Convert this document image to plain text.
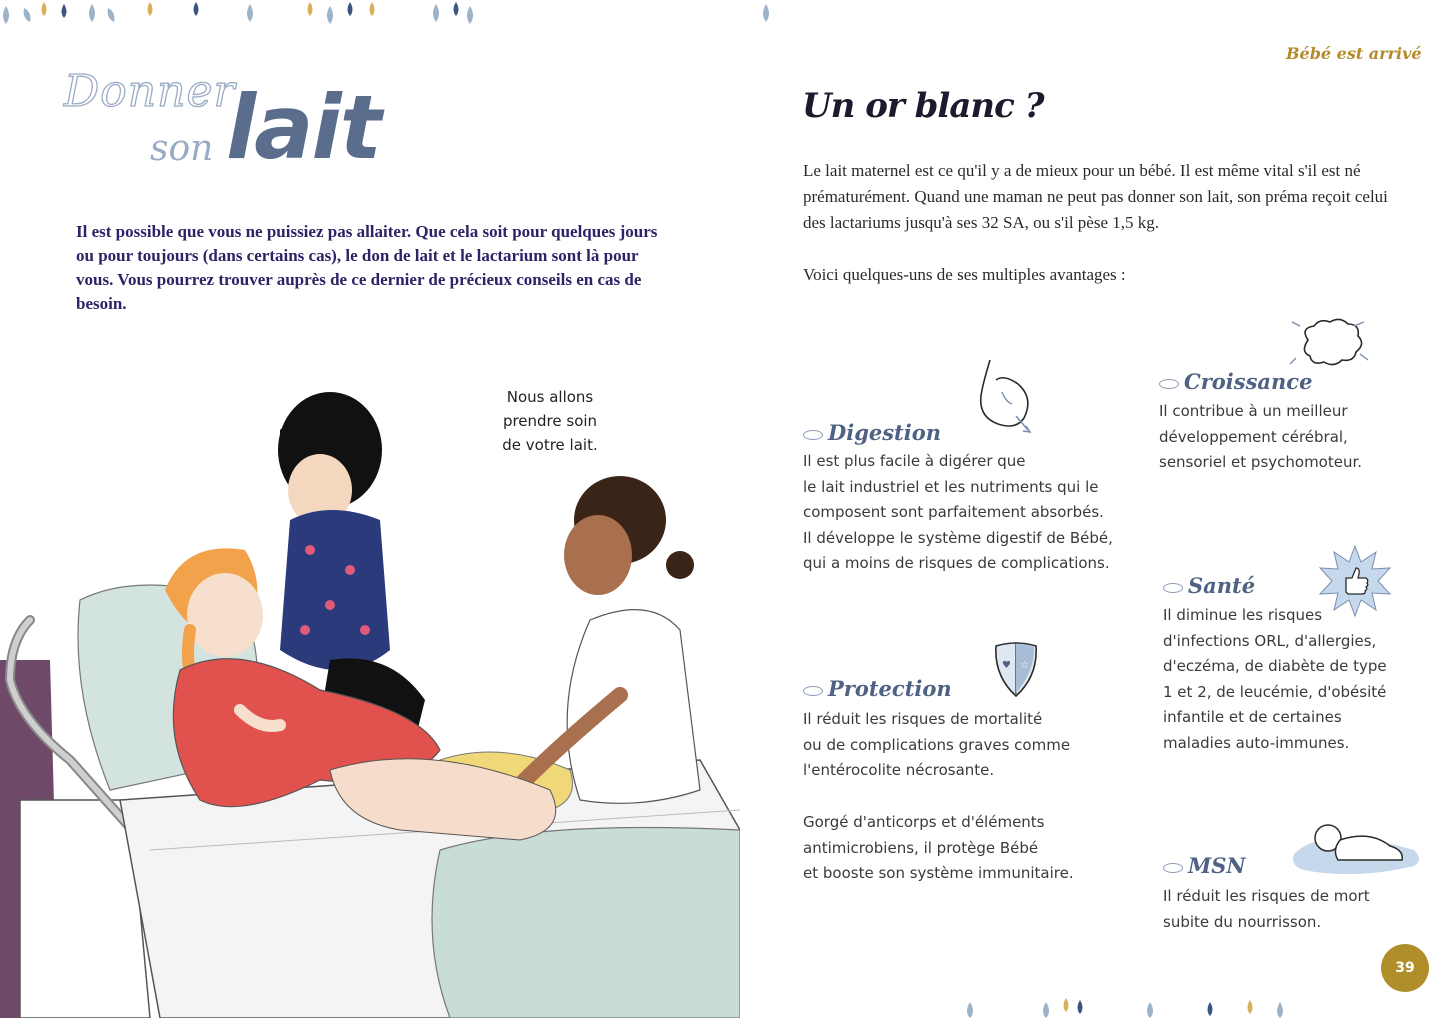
Donner
son lait
Il est possible que vous ne puissiez pas allaiter. Que cela soit pour quelques jours ou pour toujours (dans certains cas), le don de lait et le lactarium sont là pour vous. Vous pourrez trouver auprès de ce dernier de précieux conseils en cas de besoin.
Nous allons
prendre soin
de votre lait.
Bébé est arrivé
Un or blanc ?
Le lait maternel est ce qu'il y a de mieux pour un bébé. Il est même vital s'il est né prématurément. Quand une maman ne peut pas donner son lait, son préma reçoit celui des lactariums jusqu'à ses 32 SA, ou s'il pèse 1,5 kg.
Voici quelques-uns de ses multiples avantages :
Digestion
Il est plus facile à digérer que
le lait industriel et les nutriments qui le
composent sont parfaitement absorbés.
Il développe le système digestif de Bébé,
qui a moins de risques de complications.
Croissance
Il contribue à un meilleur
développement cérébral,
sensoriel et psychomoteur.
Santé
Il diminue les risques
d'infections ORL, d'allergies,
d'eczéma, de diabète de type
1 et 2, de leucémie, d'obésité
infantile et de certaines
maladies auto-immunes.
♥ ☆
Protection
Il réduit les risques de mortalité
ou de complications graves comme
l'entérocolite nécrosante.
Gorgé d'anticorps et d'éléments
antimicrobiens, il protège Bébé
et booste son système immunitaire.	MSN
Il réduit les risques de mort
subite du nourrisson.
39
